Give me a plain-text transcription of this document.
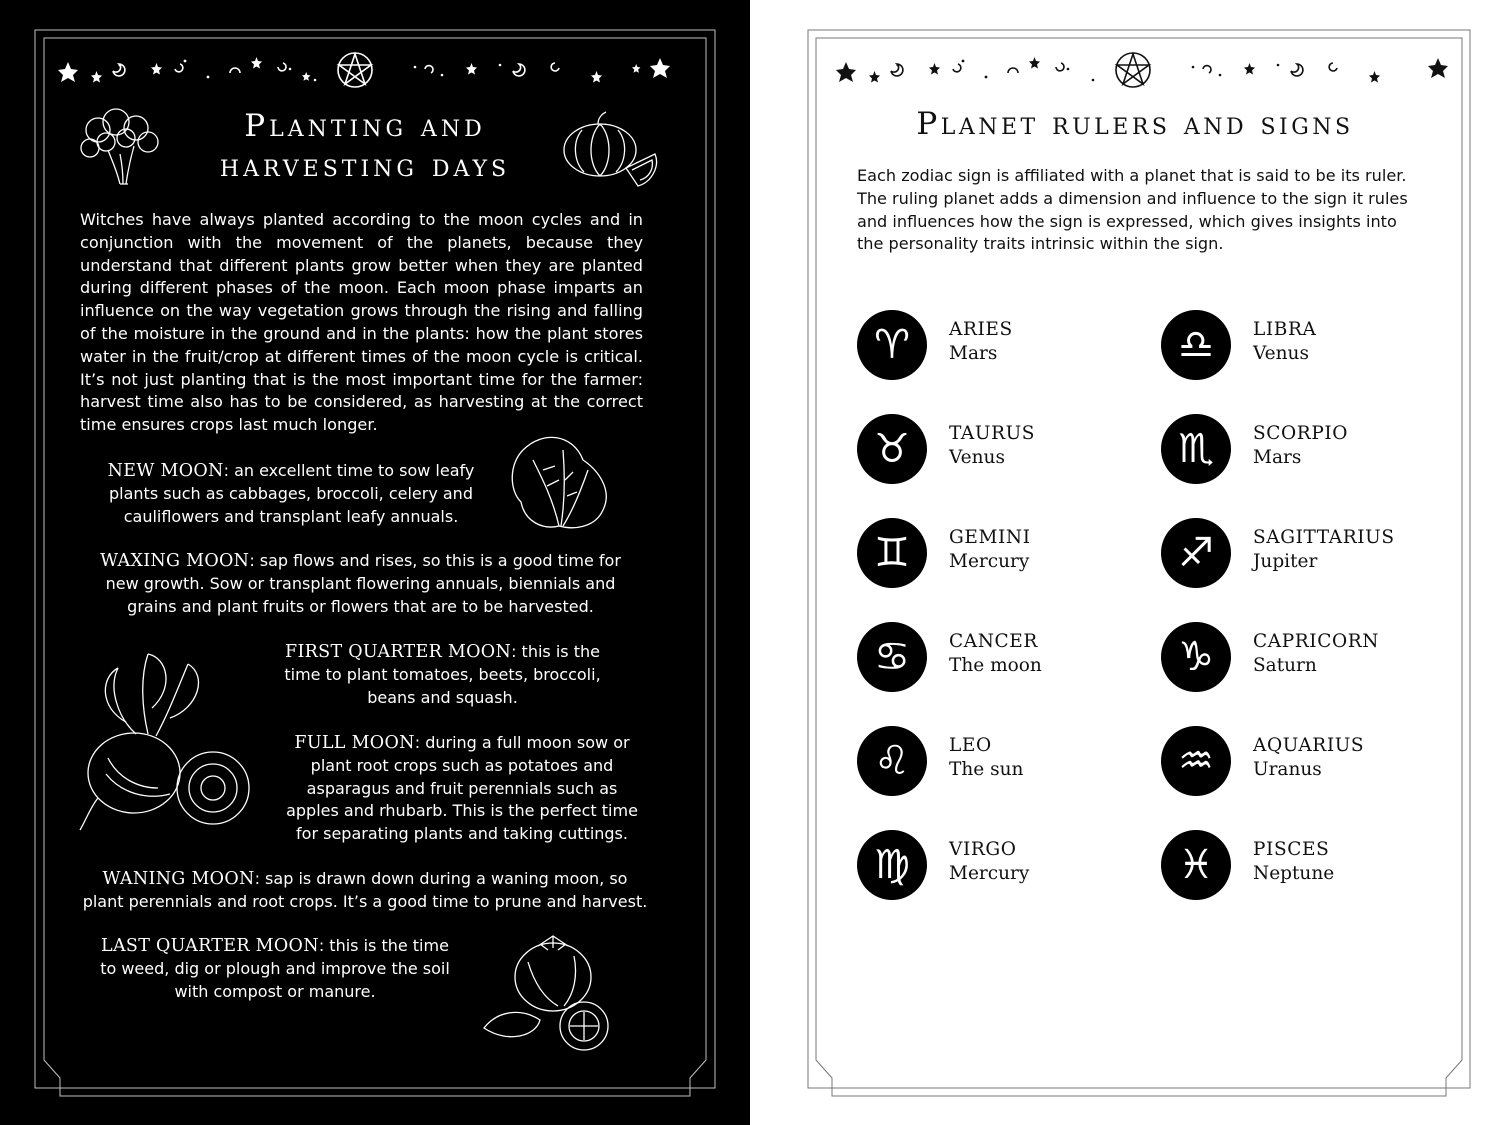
Planting and
harvesting days

Witches have always planted according to the moon cycles and in conjunction with the movement of the planets, because they understand that different plants grow better when they are planted during different phases of the moon. Each moon phase imparts an influence on the way vegetation grows through the rising and falling of the moisture in the ground and in the plants: how the plant stores water in the fruit/crop at different times of the moon cycle is critical. It’s not just planting that is the most important time for the farmer: harvest time also has to be considered, as harvesting at the correct time ensures crops last much longer.

NEW MOON: an excellent time to sow leafy plants such as cabbages, broccoli, celery and cauliflowers and transplant leafy annuals.

WAXING MOON: sap flows and rises, so this is a good time for new growth. Sow or transplant flowering annuals, biennials and grains and plant fruits or flowers that are to be harvested.

FIRST QUARTER MOON: this is the time to plant tomatoes, beets, broccoli, beans and squash.

FULL MOON: during a full moon sow or plant root crops such as potatoes and asparagus and fruit perennials such as apples and rhubarb. This is the perfect time for separating plants and taking cuttings.

WANING MOON: sap is drawn down during a waning moon, so plant perennials and root crops. It’s a good time to prune and harvest.

LAST QUARTER MOON: this is the time to weed, dig or plough and improve the soil with compost or manure.

Planet rulers and signs

Each zodiac sign is affiliated with a planet that is said to be its ruler. The ruling planet adds a dimension and influence to the sign it rules and influences how the sign is expressed, which gives insights into the personality traits intrinsic within the sign.

♈	ARIES
Mars
♉	TAURUS
Venus
♊	GEMINI
Mercury
♋	CANCER
The moon
♌	LEO
The sun
♍	VIRGO
Mercury
♎	LIBRA
Venus
♏	SCORPIO
Mars
♐	SAGITTARIUS
Jupiter
♑	CAPRICORN
Saturn
♒	AQUARIUS
Uranus
♓	PISCES
Neptune
